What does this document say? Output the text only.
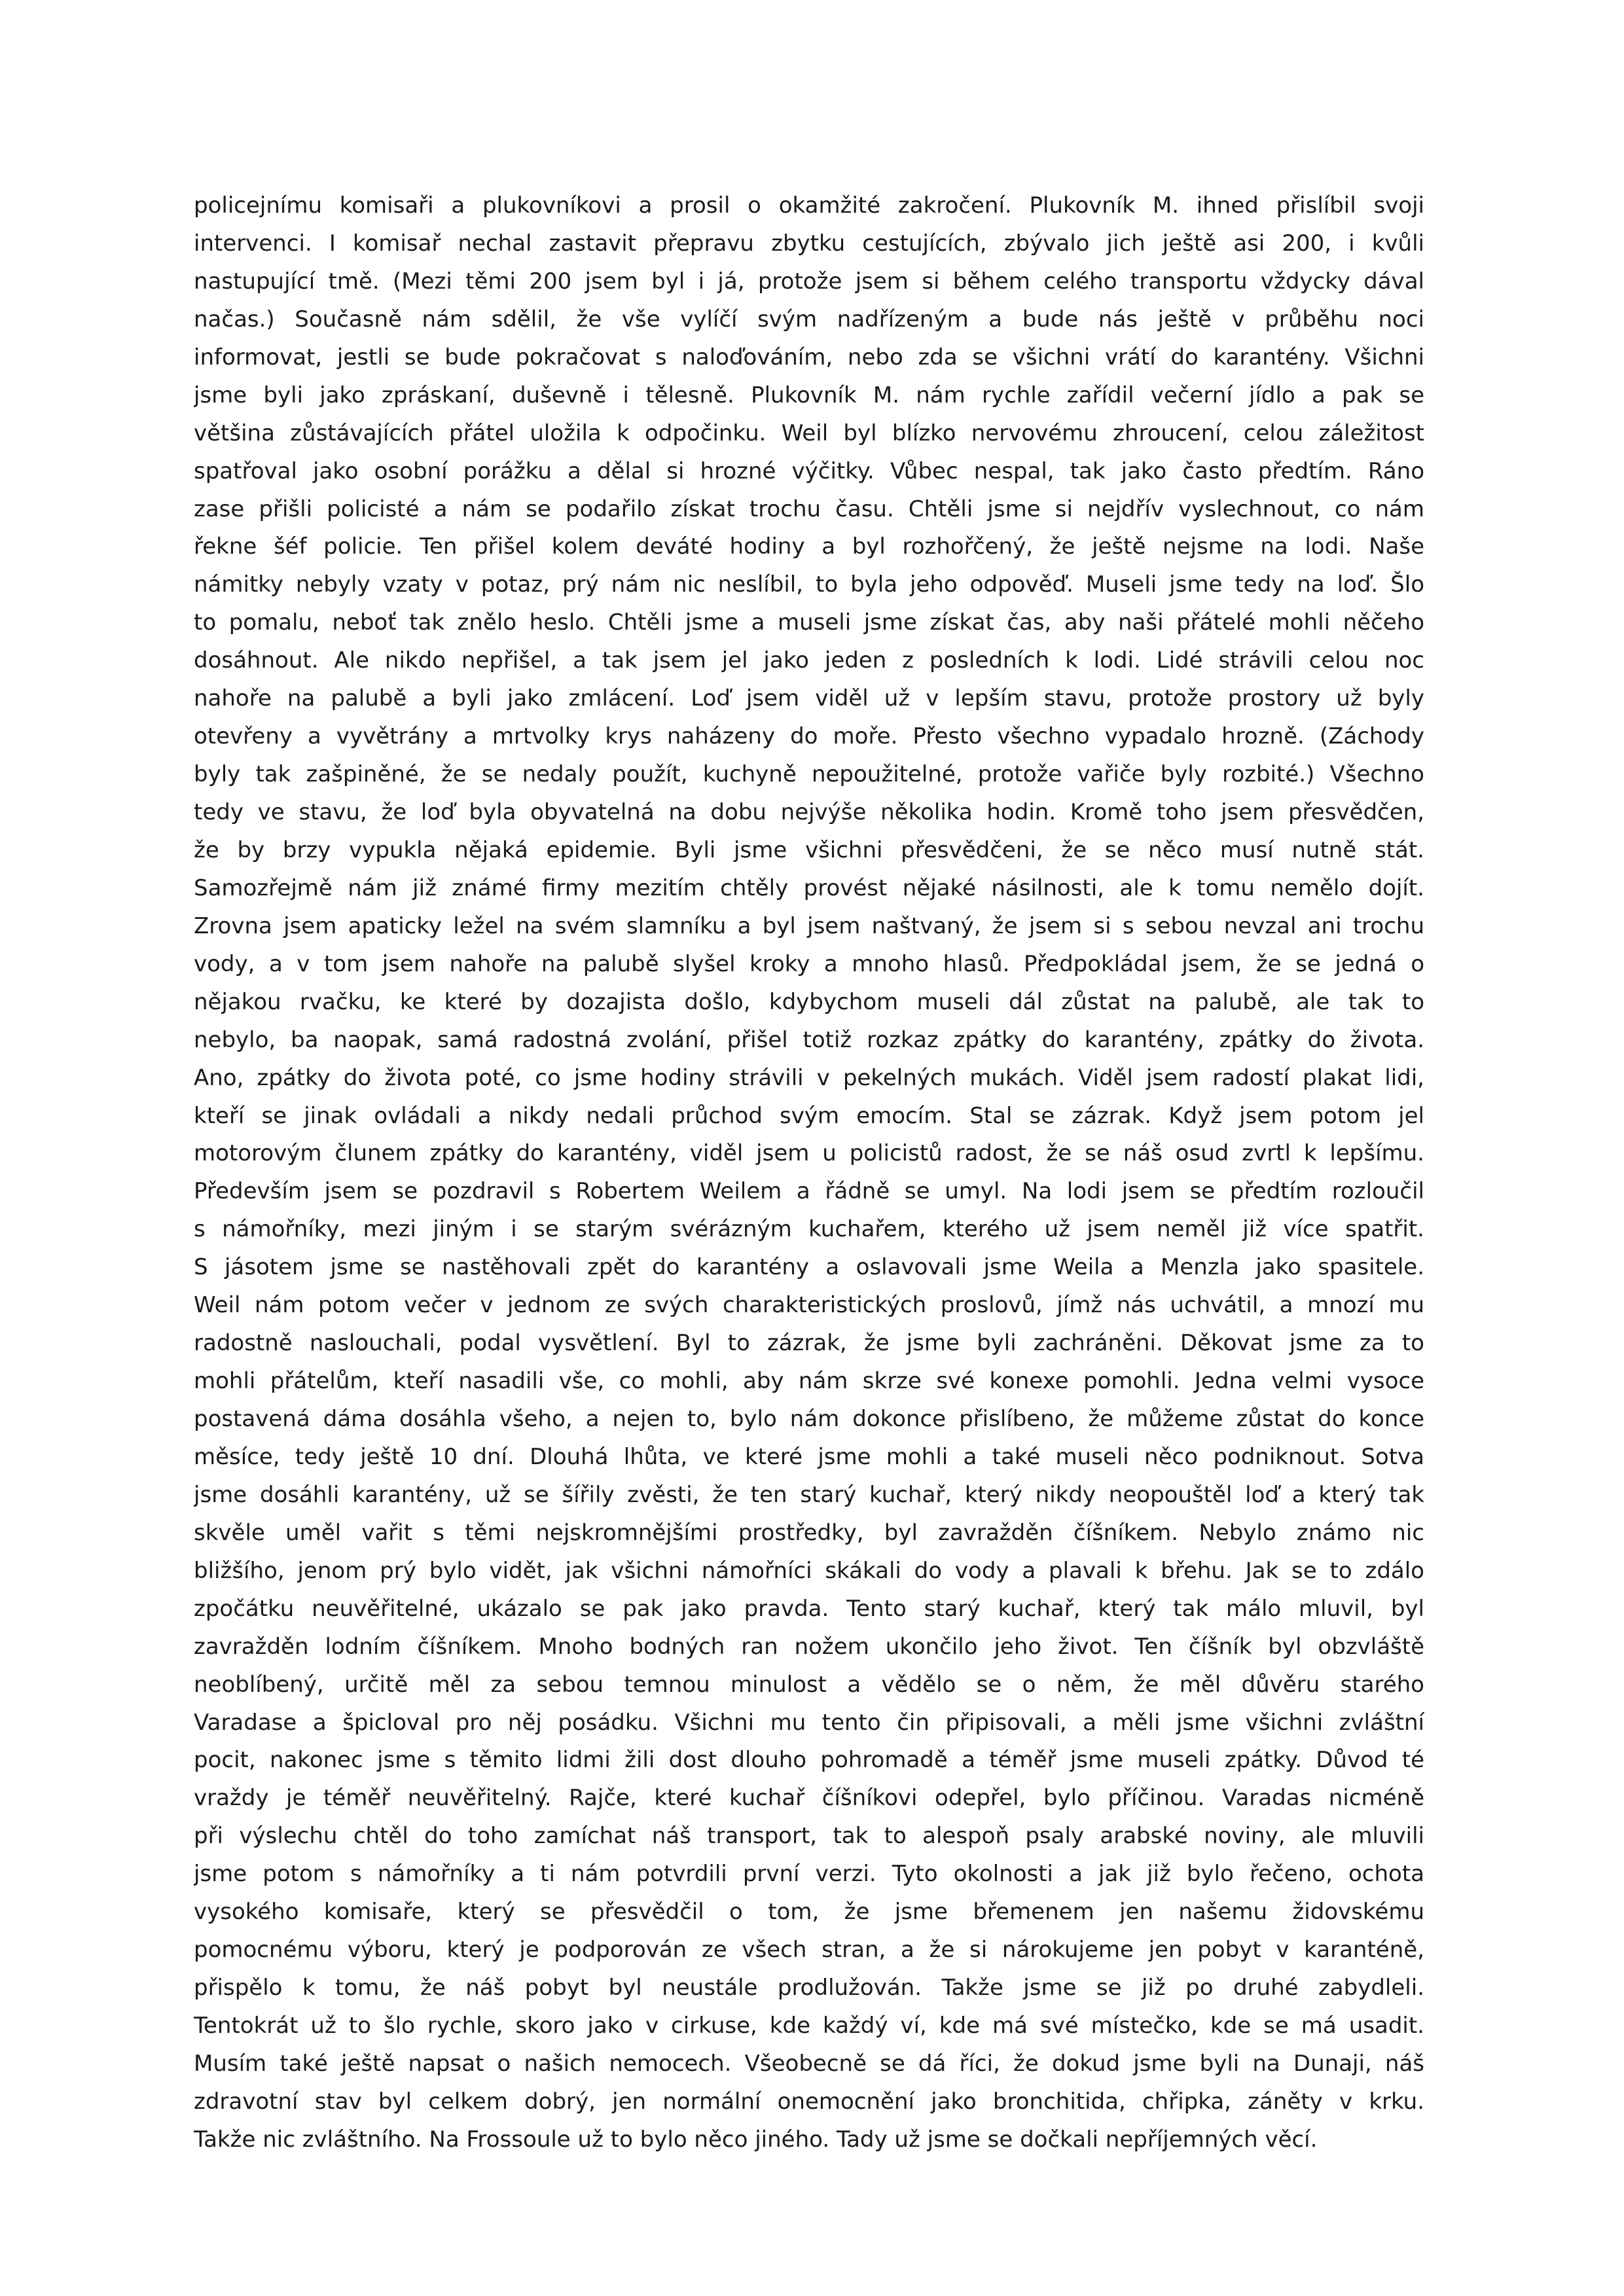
policejnímu komisaři a plukovníkovi a prosil o okamžité zakročení. Plukovník M. ihned přislíbil svoji
intervenci. I komisař nechal zastavit přepravu zbytku cestujících, zbývalo jich ještě asi 200, i kvůli
nastupující tmě. (Mezi těmi 200 jsem byl i já, protože jsem si během celého transportu vždycky dával
načas.) Současně nám sdělil, že vše vylíčí svým nadřízeným a bude nás ještě v průběhu noci
informovat, jestli se bude pokračovat s naloďováním, nebo zda se všichni vrátí do karantény. Všichni
jsme byli jako zpráskaní, duševně i tělesně. Plukovník M. nám rychle zařídil večerní jídlo a pak se
většina zůstávajících přátel uložila k odpočinku. Weil byl blízko nervovému zhroucení, celou záležitost
spatřoval jako osobní porážku a dělal si hrozné výčitky. Vůbec nespal, tak jako často předtím. Ráno
zase přišli policisté a nám se podařilo získat trochu času. Chtěli jsme si nejdřív vyslechnout, co nám
řekne šéf policie. Ten přišel kolem deváté hodiny a byl rozhořčený, že ještě nejsme na lodi. Naše
námitky nebyly vzaty v potaz, prý nám nic neslíbil, to byla jeho odpověď. Museli jsme tedy na loď. Šlo
to pomalu, neboť tak znělo heslo. Chtěli jsme a museli jsme získat čas, aby naši přátelé mohli něčeho
dosáhnout. Ale nikdo nepřišel, a tak jsem jel jako jeden z posledních k lodi. Lidé strávili celou noc
nahoře na palubě a byli jako zmlácení. Loď jsem viděl už v lepším stavu, protože prostory už byly
otevřeny a vyvětrány a mrtvolky krys naházeny do moře. Přesto všechno vypadalo hrozně. (Záchody
byly tak zašpiněné, že se nedaly použít, kuchyně nepoužitelné, protože vařiče byly rozbité.) Všechno
tedy ve stavu, že loď byla obyvatelná na dobu nejvýše několika hodin. Kromě toho jsem přesvědčen,
že by brzy vypukla nějaká epidemie. Byli jsme všichni přesvědčeni, že se něco musí nutně stát.
Samozřejmě nám již známé firmy mezitím chtěly provést nějaké násilnosti, ale k tomu nemělo dojít.
Zrovna jsem apaticky ležel na svém slamníku a byl jsem naštvaný, že jsem si s sebou nevzal ani trochu
vody, a v tom jsem nahoře na palubě slyšel kroky a mnoho hlasů. Předpokládal jsem, že se jedná o
nějakou rvačku, ke které by dozajista došlo, kdybychom museli dál zůstat na palubě, ale tak to
nebylo, ba naopak, samá radostná zvolání, přišel totiž rozkaz zpátky do karantény, zpátky do života.
Ano, zpátky do života poté, co jsme hodiny strávili v pekelných mukách. Viděl jsem radostí plakat lidi,
kteří se jinak ovládali a nikdy nedali průchod svým emocím. Stal se zázrak. Když jsem potom jel
motorovým člunem zpátky do karantény, viděl jsem u policistů radost, že se náš osud zvrtl k lepšímu.
Především jsem se pozdravil s Robertem Weilem a řádně se umyl. Na lodi jsem se předtím rozloučil
s námořníky, mezi jiným i se starým svérázným kuchařem, kterého už jsem neměl již více spatřit.
S jásotem jsme se nastěhovali zpět do karantény a oslavovali jsme Weila a Menzla jako spasitele.
Weil nám potom večer v jednom ze svých charakteristických proslovů, jímž nás uchvátil, a mnozí mu
radostně naslouchali, podal vysvětlení. Byl to zázrak, že jsme byli zachráněni. Děkovat jsme za to
mohli přátelům, kteří nasadili vše, co mohli, aby nám skrze své konexe pomohli. Jedna velmi vysoce
postavená dáma dosáhla všeho, a nejen to, bylo nám dokonce přislíbeno, že můžeme zůstat do konce
měsíce, tedy ještě 10 dní. Dlouhá lhůta, ve které jsme mohli a také museli něco podniknout. Sotva
jsme dosáhli karantény, už se šířily zvěsti, že ten starý kuchař, který nikdy neopouštěl loď a který tak
skvěle uměl vařit s těmi nejskromnějšími prostředky, byl zavražděn číšníkem. Nebylo známo nic
bližšího, jenom prý bylo vidět, jak všichni námořníci skákali do vody a plavali k břehu. Jak se to zdálo
zpočátku neuvěřitelné, ukázalo se pak jako pravda. Tento starý kuchař, který tak málo mluvil, byl
zavražděn lodním číšníkem. Mnoho bodných ran nožem ukončilo jeho život. Ten číšník byl obzvláště
neoblíbený, určitě měl za sebou temnou minulost a vědělo se o něm, že měl důvěru starého
Varadase a špicloval pro něj posádku. Všichni mu tento čin připisovali, a měli jsme všichni zvláštní
pocit, nakonec jsme s těmito lidmi žili dost dlouho pohromadě a téměř jsme museli zpátky. Důvod té
vraždy je téměř neuvěřitelný. Rajče, které kuchař číšníkovi odepřel, bylo příčinou. Varadas nicméně
při výslechu chtěl do toho zamíchat náš transport, tak to alespoň psaly arabské noviny, ale mluvili
jsme potom s námořníky a ti nám potvrdili první verzi. Tyto okolnosti a jak již bylo řečeno, ochota
vysokého komisaře, který se přesvědčil o tom, že jsme břemenem jen našemu židovskému
pomocnému výboru, který je podporován ze všech stran, a že si nárokujeme jen pobyt v karanténě,
přispělo k tomu, že náš pobyt byl neustále prodlužován. Takže jsme se již po druhé zabydleli.
Tentokrát už to šlo rychle, skoro jako v cirkuse, kde každý ví, kde má své místečko, kde se má usadit.
Musím také ještě napsat o našich nemocech. Všeobecně se dá říci, že dokud jsme byli na Dunaji, náš
zdravotní stav byl celkem dobrý, jen normální onemocnění jako bronchitida, chřipka, záněty v krku.
Takže nic zvláštního. Na Frossoule už to bylo něco jiného. Tady už jsme se dočkali nepříjemných věcí.
